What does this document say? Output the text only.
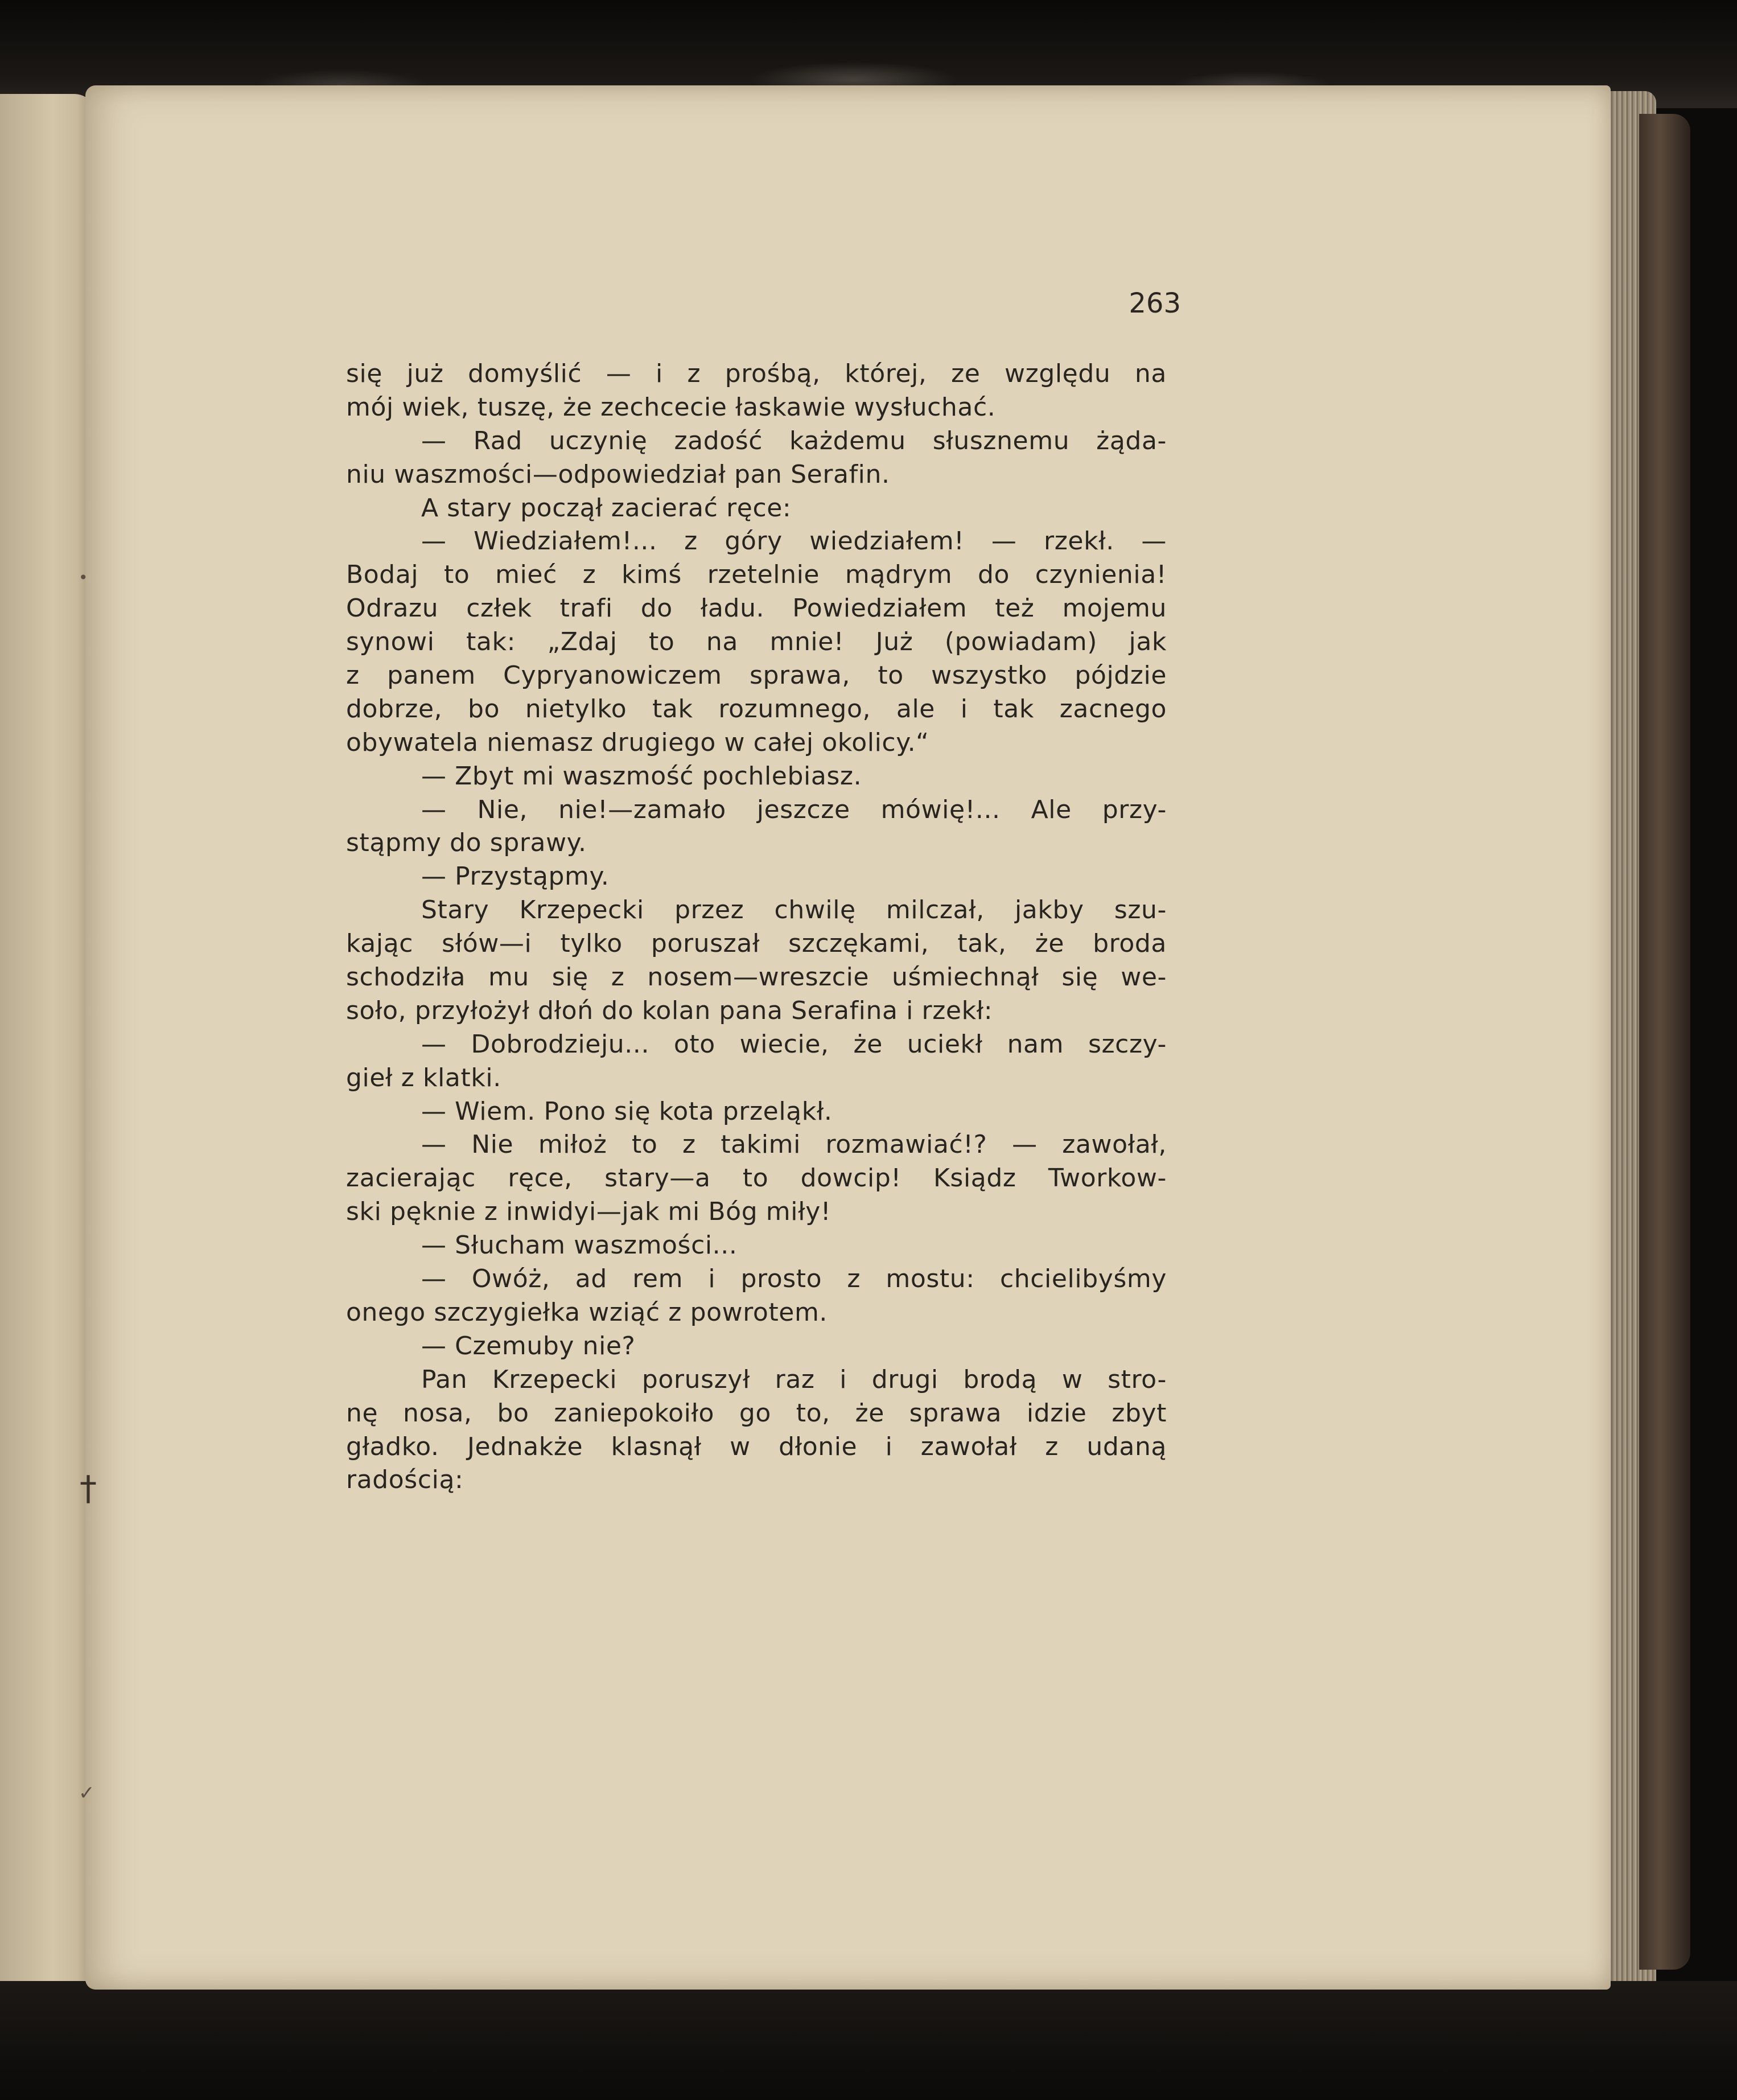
263
się już domyślić — i z prośbą, której, ze względu na
mój wiek, tuszę, że zechcecie łaskawie wysłuchać.
— Rad uczynię zadość każdemu słusznemu żąda-
niu waszmości—odpowiedział pan Serafin.
A stary począł zacierać ręce:
— Wiedziałem!... z góry wiedziałem! — rzekł. —
Bodaj to mieć z kimś rzetelnie mądrym do czynienia!
Odrazu człek trafi do ładu. Powiedziałem też mojemu
synowi tak: „Zdaj to na mnie! Już (powiadam) jak
z panem Cypryanowiczem sprawa, to wszystko pójdzie
dobrze, bo nietylko tak rozumnego, ale i tak zacnego
obywatela niemasz drugiego w całej okolicy.“
— Zbyt mi waszmość pochlebiasz.
— Nie, nie!—zamało jeszcze mówię!... Ale przy-
stąpmy do sprawy.
— Przystąpmy.
Stary Krzepecki przez chwilę milczał, jakby szu-
kając słów—i tylko poruszał szczękami, tak, że broda
schodziła mu się z nosem—wreszcie uśmiechnął się we-
soło, przyłożył dłoń do kolan pana Serafina i rzekł:
— Dobrodzieju... oto wiecie, że uciekł nam szczy-
gieł z klatki.
— Wiem. Pono się kota przeląkł.
— Nie miłoż to z takimi rozmawiać!? — zawołał,
zacierając ręce, stary—a to dowcip! Ksiądz Tworkow-
ski pęknie z inwidyi—jak mi Bóg miły!
— Słucham waszmości...
— Owóż, ad rem i prosto z mostu: chcielibyśmy
onego szczygiełka wziąć z powrotem.
— Czemuby nie?
Pan Krzepecki poruszył raz i drugi brodą w stro-
nę nosa, bo zaniepokoiło go to, że sprawa idzie zbyt
gładko. Jednakże klasnął w dłonie i zawołał z udaną
radością:
•
†
✓
